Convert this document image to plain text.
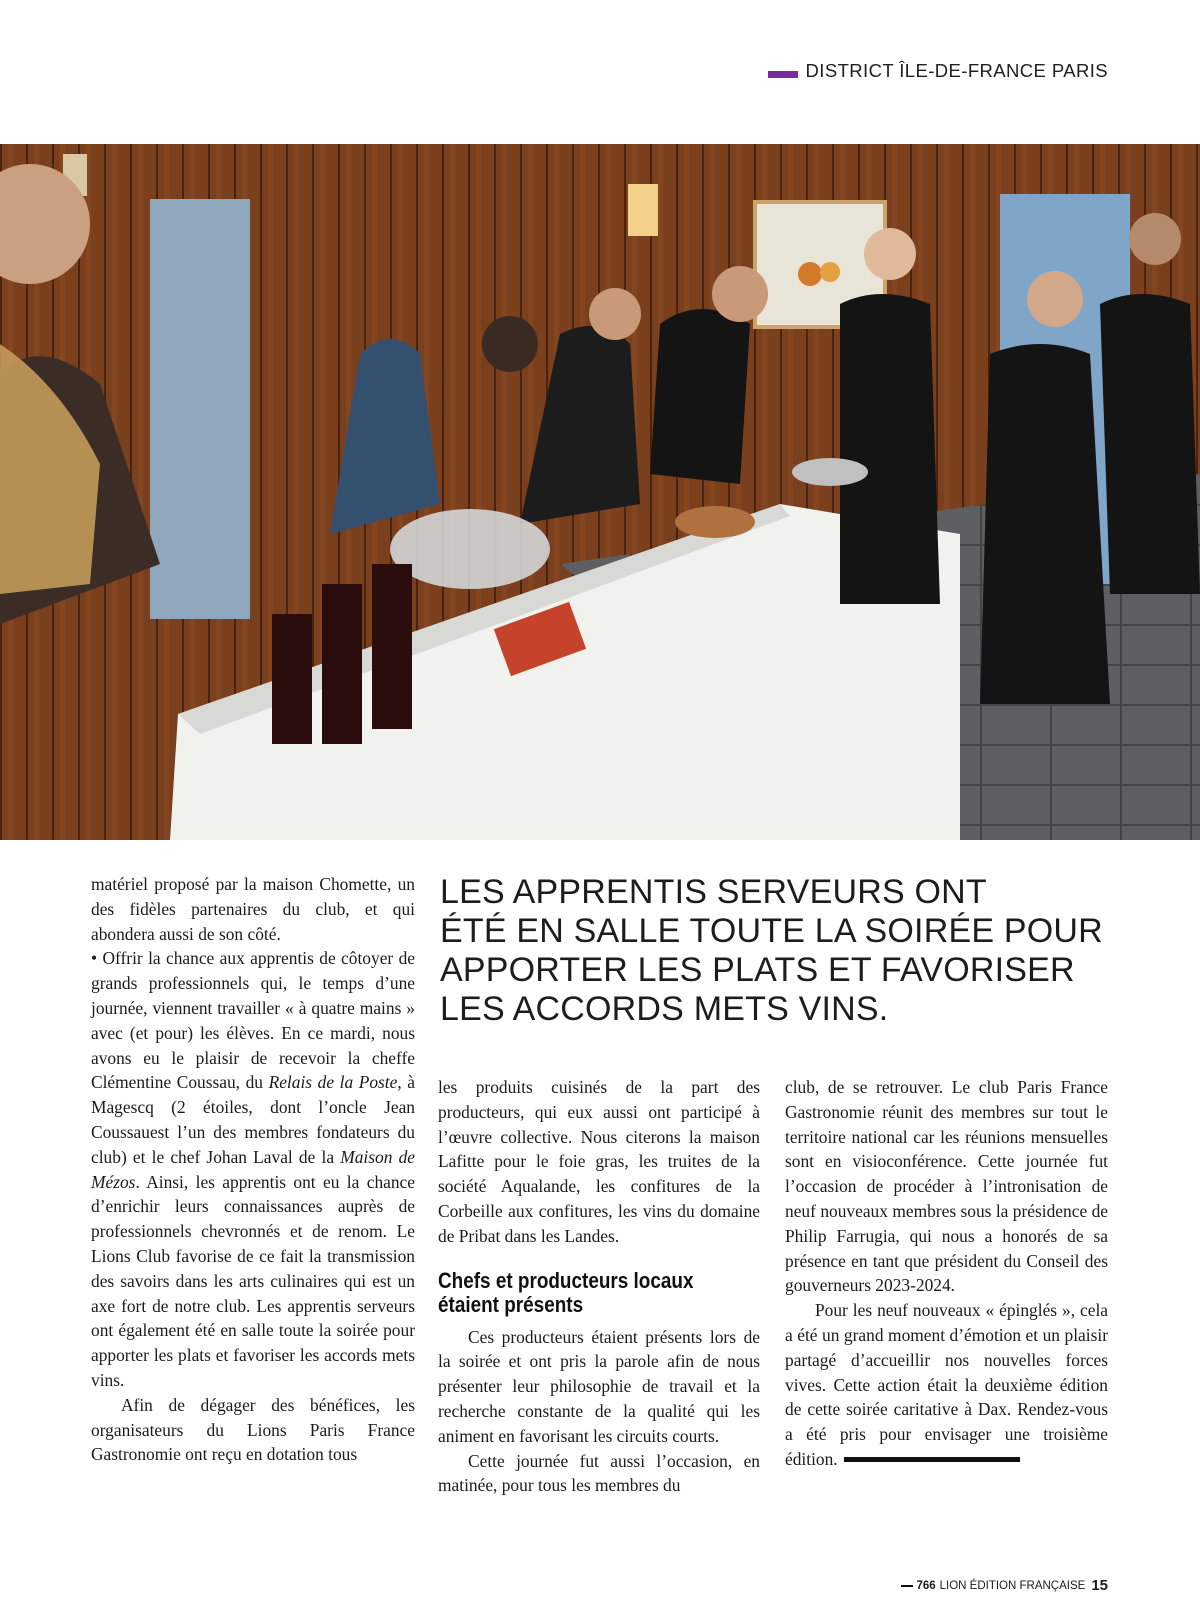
DISTRICT ÎLE-DE-FRANCE PARIS

LES APPRENTIS SERVEURS ONT

ÉTÉ EN SALLE TOUTE LA SOIRÉE POUR

APPORTER LES PLATS ET FAVORISER

LES ACCORDS METS VINS.

matériel proposé par la maison Chomette, un des fidèles partenaires du club, et qui abondera aussi de son côté.

• Offrir la chance aux apprentis de côtoyer de grands professionnels qui, le temps d’une journée, viennent travailler « à quatre mains » avec (et pour) les élèves. En ce mardi, nous avons eu le plaisir de recevoir la cheffe Clémentine Coussau, du Relais de la Poste, à Magescq (2 étoiles, dont l’oncle Jean Coussauest l’un des membres fondateurs du club) et le chef Johan Laval de la Maison de Mézos. Ainsi, les apprentis ont eu la chance d’enrichir leurs connaissances auprès de professionnels chevronnés et de renom. Le Lions Club favorise de ce fait la transmission des savoirs dans les arts culinaires qui est un axe fort de notre club. Les apprentis serveurs ont également été en salle toute la soirée pour apporter les plats et favoriser les accords mets vins.

Afin de dégager des bénéfices, les organisateurs du Lions Paris France Gastronomie ont reçu en dotation tous

les produits cuisinés de la part des producteurs, qui eux aussi ont participé à l’œuvre collective. Nous citerons la maison Lafitte pour le foie gras, les truites de la société Aqualande, les confitures de la Corbeille aux confitures, les vins du domaine de Pribat dans les Landes.

Chefs et producteurs locaux
étaient présents

Ces producteurs étaient présents lors de la soirée et ont pris la parole afin de nous présenter leur philosophie de travail et la recherche constante de la qualité qui les animent en favorisant les circuits courts.

Cette journée fut aussi l’occasion, en matinée, pour tous les membres du

club, de se retrouver. Le club Paris France Gastronomie réunit des membres sur tout le territoire national car les réunions mensuelles sont en visioconférence. Cette journée fut l’occasion de procéder à l’intronisation de neuf nouveaux membres sous la présidence de Philip Farrugia, qui nous a honorés de sa présence en tant que président du Conseil des gouverneurs 2023-2024.

Pour les neuf nouveaux « épinglés », cela a été un grand moment d’émotion et un plaisir partagé d’accueillir nos nouvelles forces vives. Cette action était la deuxième édition de cette soirée caritative à Dax. Rendez-vous a été pris pour envisager une troisième édition.

766 LION ÉDITION FRANÇAISE 15
